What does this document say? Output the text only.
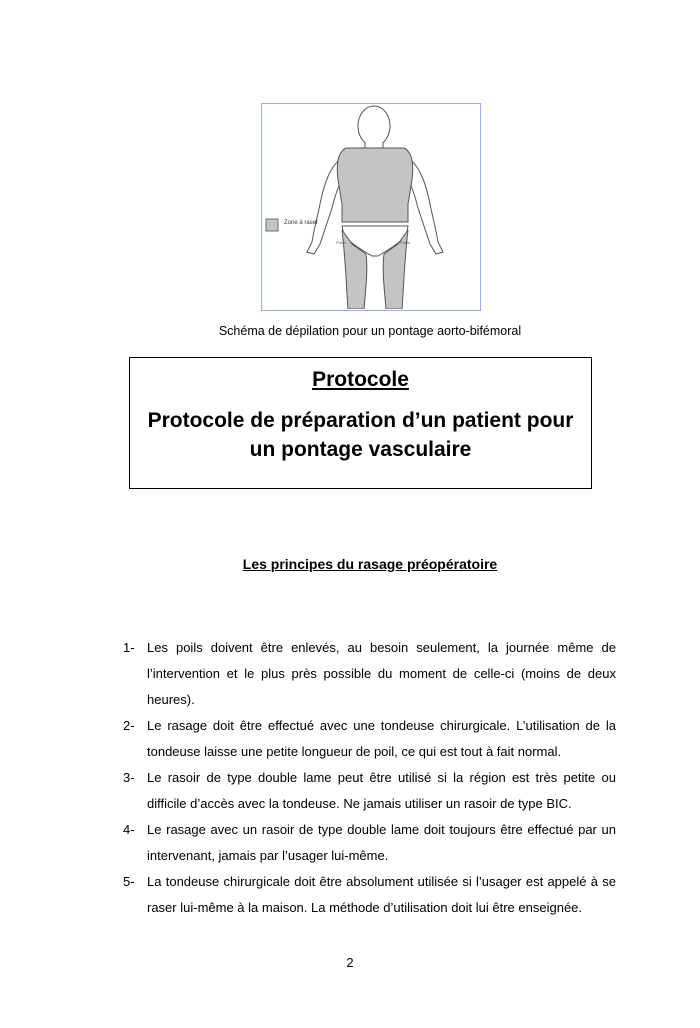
Zone à raser
Pubis	Pubis
Schéma de dépilation pour un pontage aorto-bifémoral
Protocole
Protocole de préparation d’un patient pour un pontage vasculaire
Les principes du rasage préopératoire
1- Les poils doivent être enlevés, au besoin seulement, la journée même de l’intervention et le plus près possible du moment de celle-ci (moins de deux heures).
2- Le rasage doit être effectué avec une tondeuse chirurgicale. L’utilisation de la tondeuse laisse une petite longueur de poil, ce qui est tout à fait normal.
3- Le rasoir de type double lame peut être utilisé si la région est très petite ou difficile d’accès avec la tondeuse. Ne jamais utiliser un rasoir de type BIC.
4- Le rasage avec un rasoir de type double lame doit toujours être effectué par un intervenant, jamais par l’usager lui-même.
5- La tondeuse chirurgicale doit être absolument utilisée si l’usager est appelé à se raser lui-même à la maison. La méthode d’utilisation doit lui être enseignée.
2
